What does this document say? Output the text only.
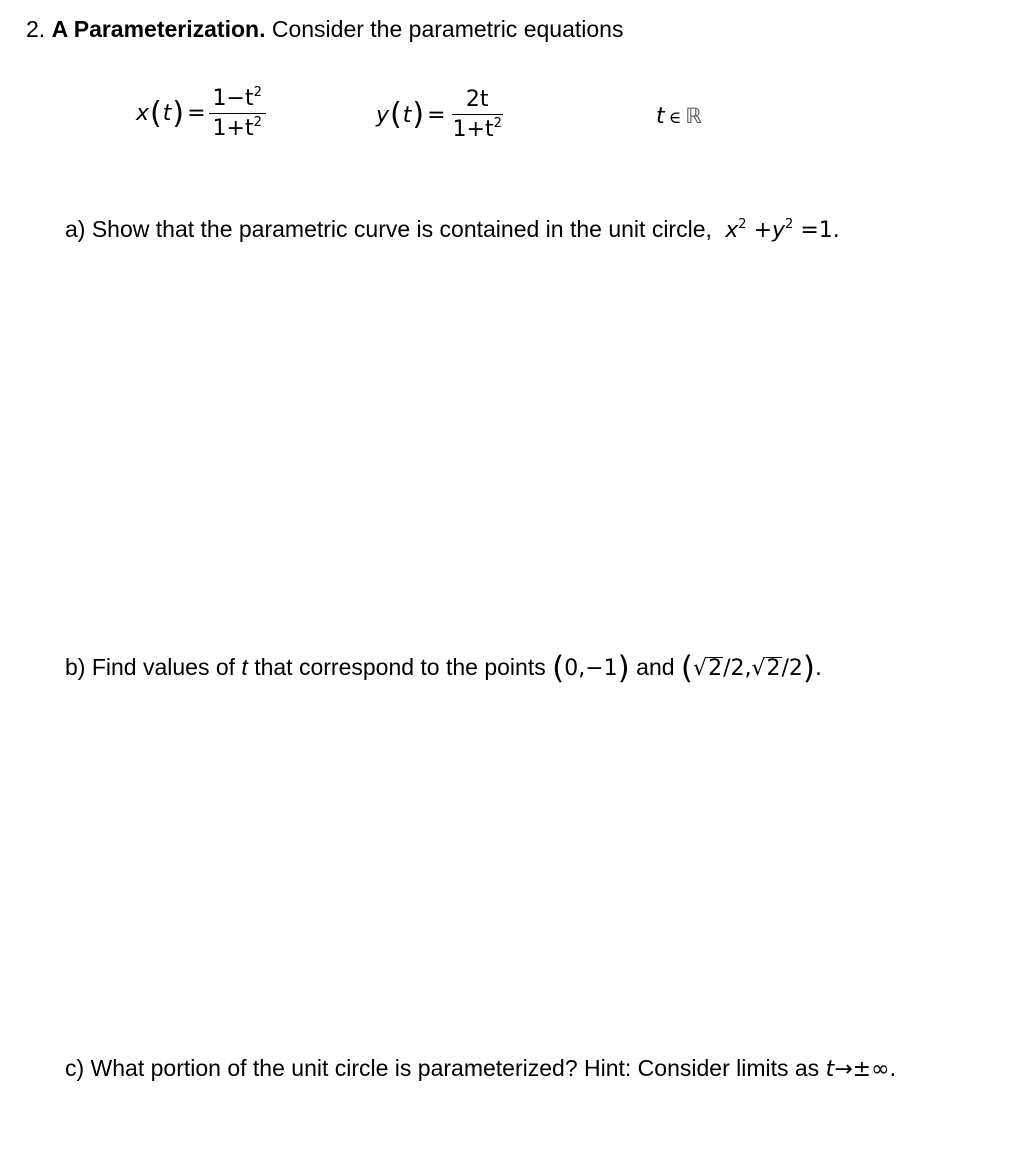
2. A Parameterization. Consider the parametric equations
x ( t ) = $\frac{1-t^2}{1+t^2}$	y ( t ) = $\frac{2t}{1+t^2}$	t ∈ ℝ
a) Show that the parametric curve is contained in the unit circle, $x^2 +y^2 =1$.
b) Find values of t that correspond to the points (0,−1) and (√2/2,√2/2).
c) What portion of the unit circle is parameterized? Hint: Consider limits as t→±∞.
